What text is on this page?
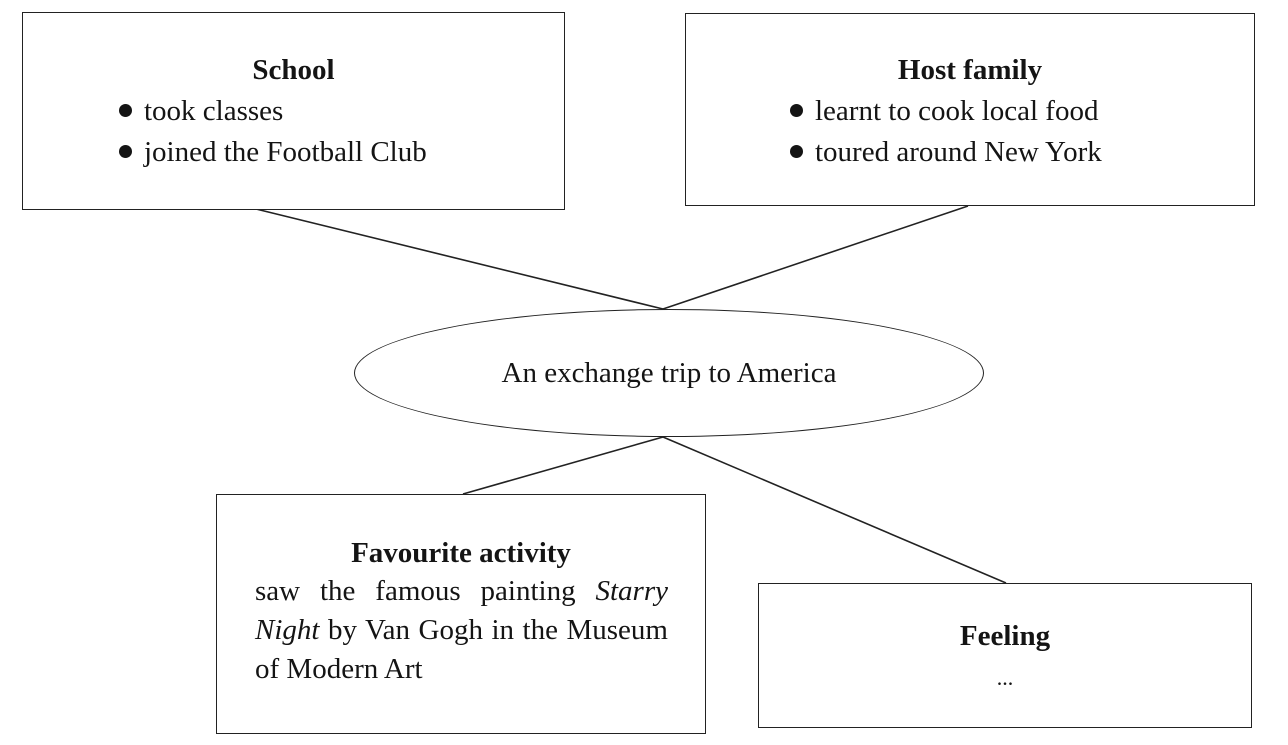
School
took classes
joined the Football Club
Host family
learnt to cook local food
toured around New York
An exchange trip to America
Favourite activity
saw the famous painting Starry Night by Van Gogh in the Museum of Modern Art
Feeling
...
